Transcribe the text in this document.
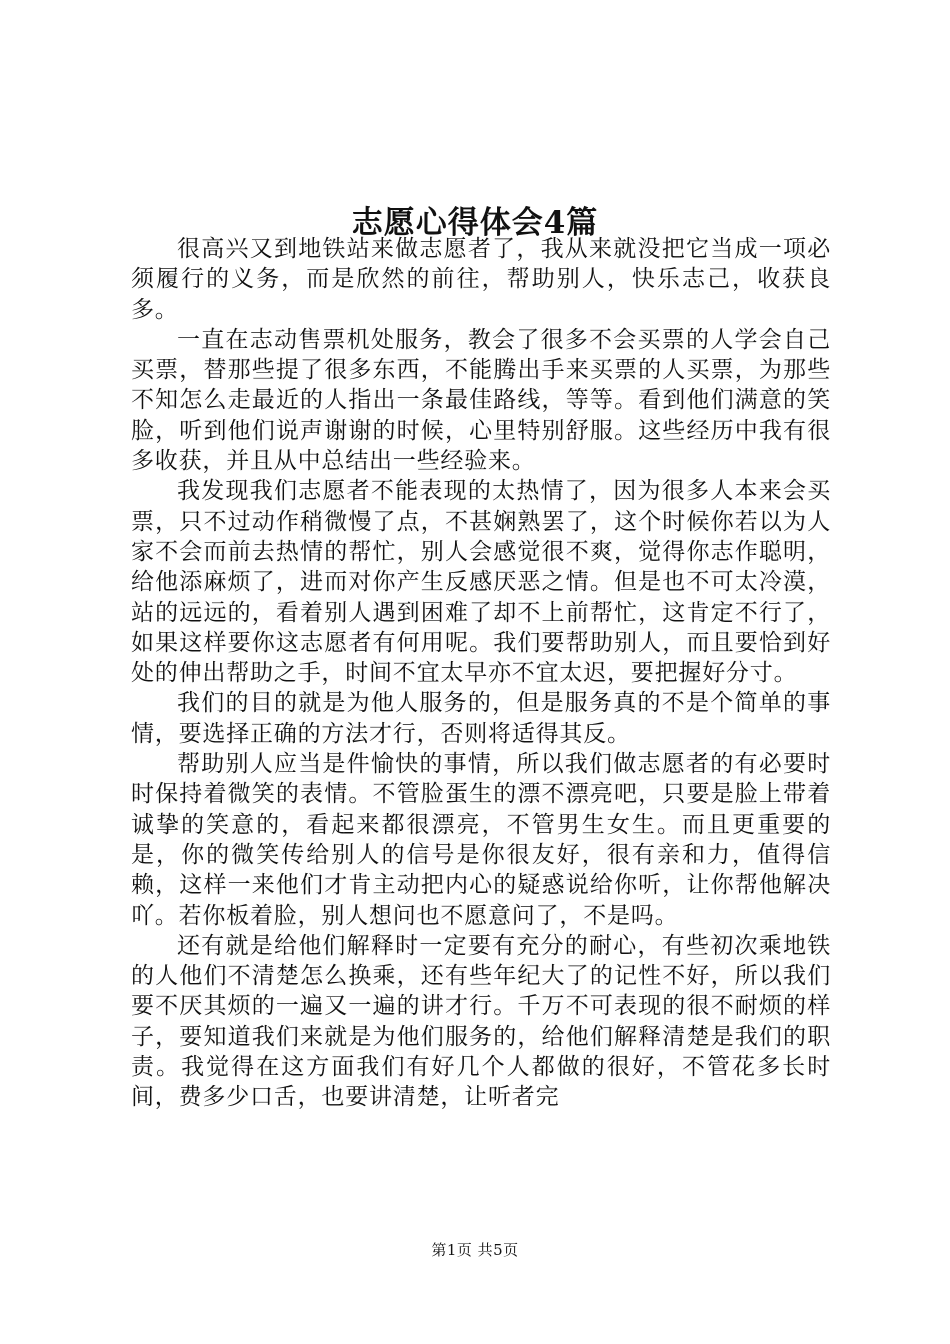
志愿心得体会4篇

很高兴又到地铁站来做志愿者了，我从来就没把它当成一项必须履行的义务，而是欣然的前往，帮助别人，快乐志己，收获良多。

一直在志动售票机处服务，教会了很多不会买票的人学会自己买票，替那些提了很多东西，不能腾出手来买票的人买票，为那些不知怎么走最近的人指出一条最佳路线，等等。看到他们满意的笑脸，听到他们说声谢谢的时候，心里特别舒服。这些经历中我有很多收获，并且从中总结出一些经验来。

我发现我们志愿者不能表现的太热情了，因为很多人本来会买票，只不过动作稍微慢了点，不甚娴熟罢了，这个时候你若以为人家不会而前去热情的帮忙，别人会感觉很不爽，觉得你志作聪明，给他添麻烦了，进而对你产生反感厌恶之情。但是也不可太冷漠，站的远远的，看着别人遇到困难了却不上前帮忙，这肯定不行了，如果这样要你这志愿者有何用呢。我们要帮助别人，而且要恰到好处的伸出帮助之手，时间不宜太早亦不宜太迟，要把握好分寸。

我们的目的就是为他人服务的，但是服务真的不是个简单的事情，要选择正确的方法才行，否则将适得其反。

帮助别人应当是件愉快的事情，所以我们做志愿者的有必要时时保持着微笑的表情。不管脸蛋生的漂不漂亮吧，只要是脸上带着诚挚的笑意的，看起来都很漂亮，不管男生女生。而且更重要的是，你的微笑传给别人的信号是你很友好，很有亲和力，值得信赖，这样一来他们才肯主动把内心的疑惑说给你听，让你帮他解决吖。若你板着脸，别人想问也不愿意问了，不是吗。

还有就是给他们解释时一定要有充分的耐心，有些初次乘地铁的人他们不清楚怎么换乘，还有些年纪大了的记性不好，所以我们要不厌其烦的一遍又一遍的讲才行。千万不可表现的很不耐烦的样子，要知道我们来就是为他们服务的，给他们解释清楚是我们的职责。我觉得在这方面我们有好几个人都做的很好，不管花多长时间，费多少口舌，也要讲清楚，让听者完

第1页 共5页
